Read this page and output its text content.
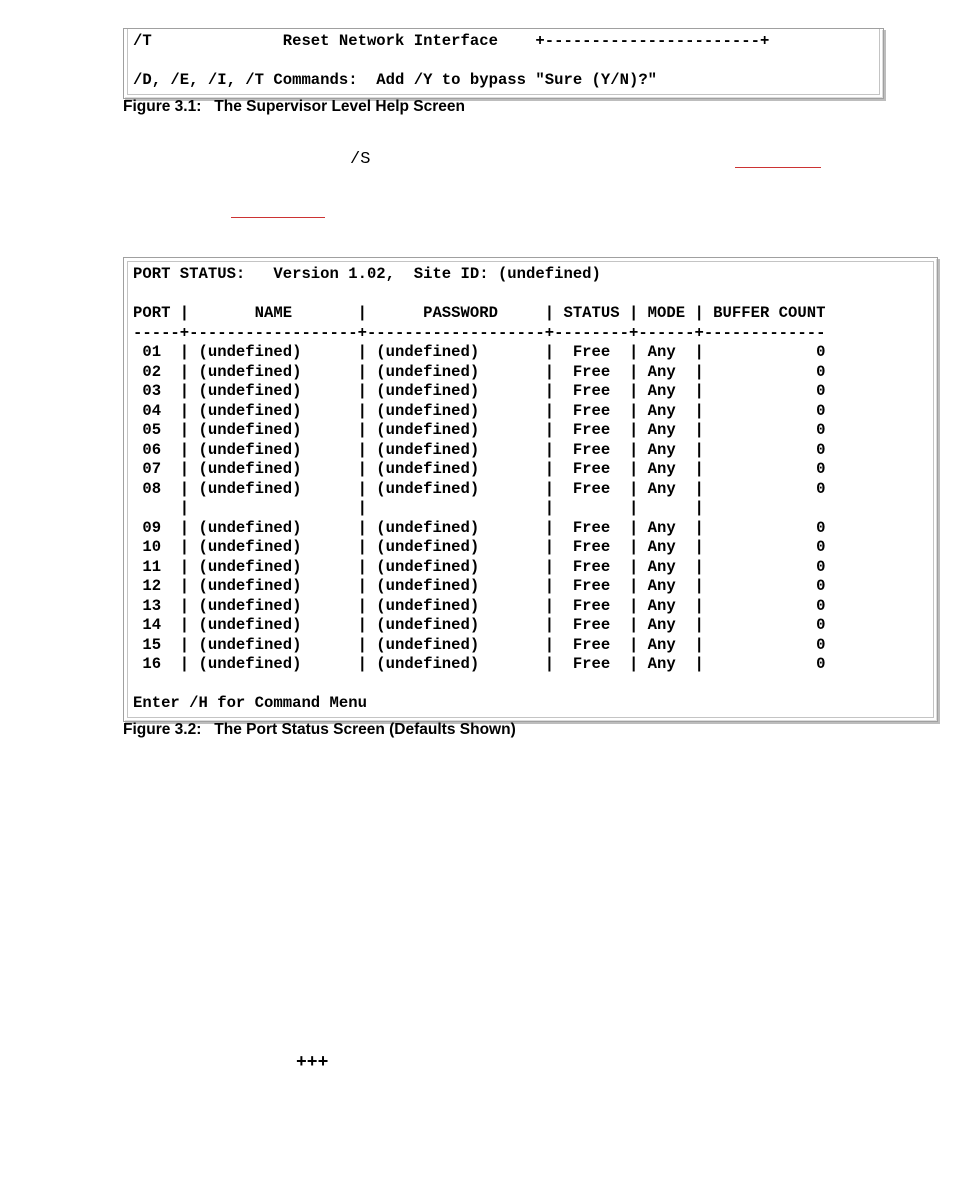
/T              Reset Network Interface    +-----------------------+
/D, /E, /I, /T Commands:  Add /Y to bypass "Sure (Y/N)?"
Figure 3.1:   The Supervisor Level Help Screen
/S
PORT STATUS:   Version 1.02,  Site ID: (undefined)
PORT |       NAME       |      PASSWORD     | STATUS | MODE | BUFFER COUNT
-----+------------------+-------------------+--------+------+-------------
01  | (undefined)      | (undefined)       |  Free  | Any  |            0
02  | (undefined)      | (undefined)       |  Free  | Any  |            0
03  | (undefined)      | (undefined)       |  Free  | Any  |            0
04  | (undefined)      | (undefined)       |  Free  | Any  |            0
05  | (undefined)      | (undefined)       |  Free  | Any  |            0
06  | (undefined)      | (undefined)       |  Free  | Any  |            0
07  | (undefined)      | (undefined)       |  Free  | Any  |            0
08  | (undefined)      | (undefined)       |  Free  | Any  |            0
|                  |                   |        |      |
09  | (undefined)      | (undefined)       |  Free  | Any  |            0
10  | (undefined)      | (undefined)       |  Free  | Any  |            0
11  | (undefined)      | (undefined)       |  Free  | Any  |            0
12  | (undefined)      | (undefined)       |  Free  | Any  |            0
13  | (undefined)      | (undefined)       |  Free  | Any  |            0
14  | (undefined)      | (undefined)       |  Free  | Any  |            0
15  | (undefined)      | (undefined)       |  Free  | Any  |            0
16  | (undefined)      | (undefined)       |  Free  | Any  |            0
Enter /H for Command Menu
Figure 3.2:   The Port Status Screen (Defaults Shown)
+++
